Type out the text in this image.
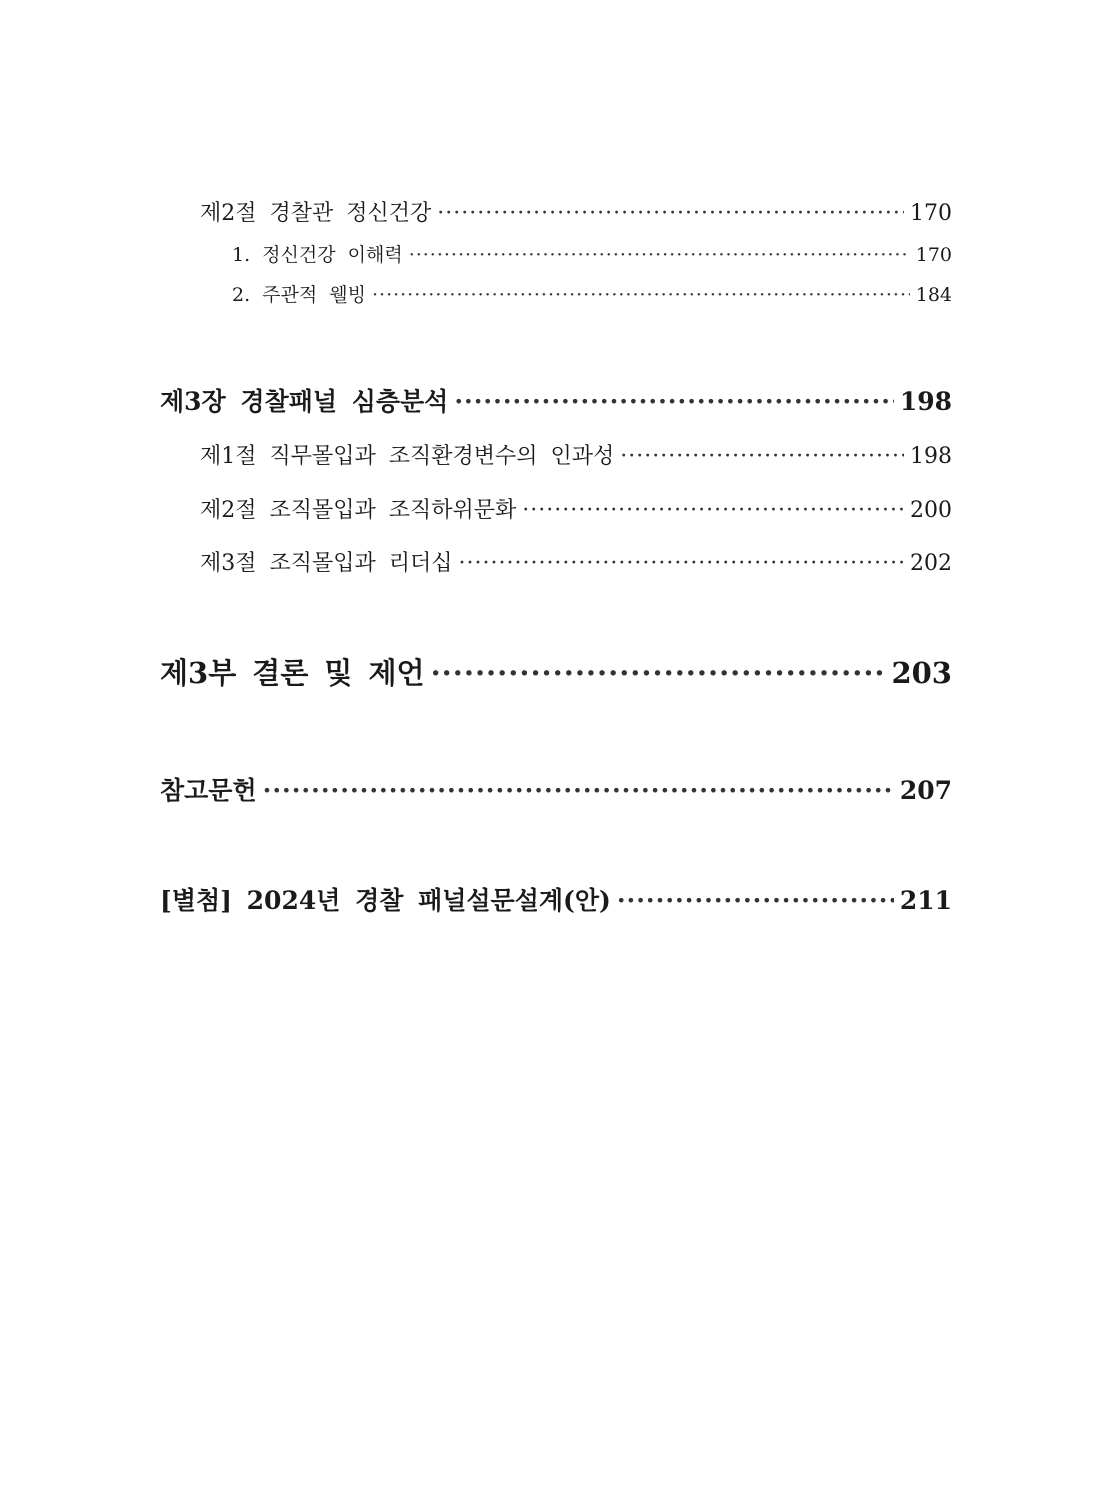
제2절 경찰관 정신건강 ·····	170
1. 정신건강 이해력 ·····	170
2. 주관적 웰빙 ·····	184
제3장 경찰패널 심층분석 ·····	198
제1절 직무몰입과 조직환경변수의 인과성 ·····	198
제2절 조직몰입과 조직하위문화 ·····	200
제3절 조직몰입과 리더십 ·····	202
제3부 결론 및 제언 ·····	203
참고문헌 ·····	207
[별첨] 2024년 경찰 패널설문설계(안) ·····	211
